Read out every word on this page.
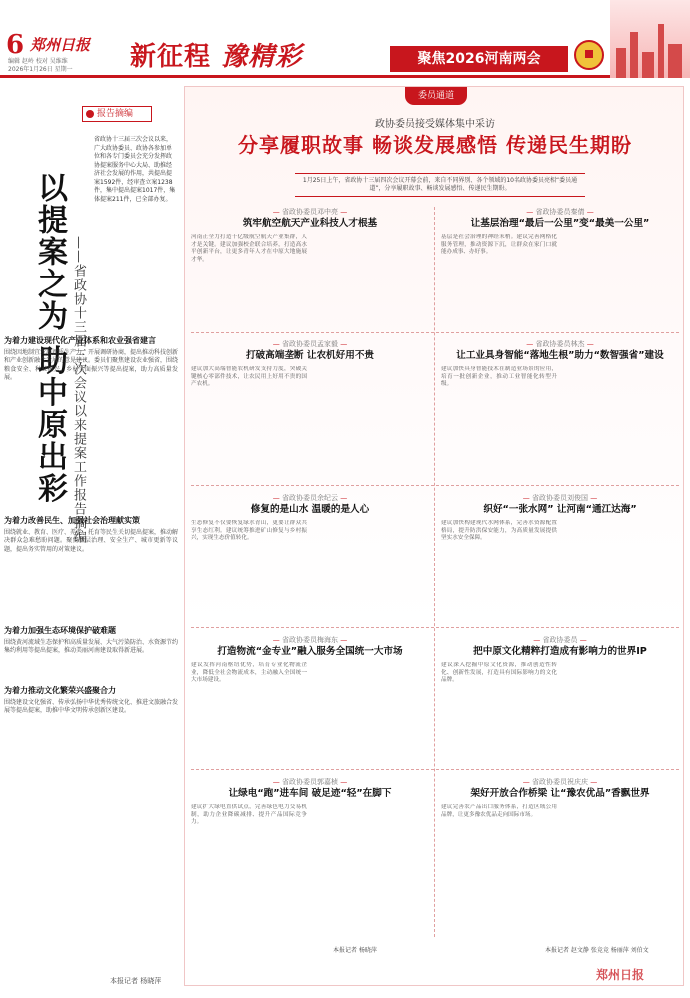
6 郑州日报
编辑 赵岭 校对 吴维维
2026年1月26日 星期一 新征程 豫精彩	聚焦2026河南两会
报告摘编
以提案之为 助中原出彩 ——省政协十三届三次会议以来提案工作报告摘编

省政协十三届三次会议以来，广大政协委员、政协各参加单位和各专门委员会充分发挥政协提案服务中心大局、助推经济社会发展的作用，共提出提案1592件，经审查立案1238件，集中提出提案1017件，集体提案211件，已全部办复。

为着力建设现代化产业体系和农业强省建言

围绕因地制宜发展新质生产力，开展调研协商，提出推动科技创新和产业创新融合发展的意见建议。委员们聚焦建设农业强省，围绕粮食安全、种业振兴、乡村全面振兴等提出提案，助力高质量发展。

为着力改善民生、加强社会治理献实策

围绕就业、教育、医疗、养老、托育等民生关切提出提案，推动解决群众急难愁盼问题。聚焦基层治理、安全生产、城市更新等议题，提出务实管用的对策建议。

为着力加强生态环境保护破难题

围绕黄河流域生态保护和高质量发展、大气污染防治、水资源节约集约利用等提出提案，推动美丽河南建设取得新进展。

为着力推动文化繁荣兴盛聚合力

围绕建设文化强省、传承弘扬中华优秀传统文化、推进文旅融合发展等提出提案，助推中华文明传承创新区建设。

本报记者 杨晓萍
委员通道
政协委员接受媒体集中采访
分享履职故事 畅谈发展感悟 传递民生期盼
1月25日上午，省政协十三届四次会议开幕会前，来自不同界别、各个领域的10名政协委员亮相“委员通道”，分享履职故事、畅谈发展感悟、传递民生期盼。
— 省政协委员邓中亮 —
筑牢航空航天产业科技人才根基

河南正全力打造千亿级航空航天产业集群，人才是关键。建议加强校企联合培养，打造高水平创新平台，让更多青年人才在中原大地施展才华。

— 省政协委员秦倩 —
让基层治理“最后一公里”变“最美一公里”

基层是社会治理的神经末梢。建议完善网格化服务管理，推动资源下沉，让群众在家门口就能办成事、办好事。

— 省政协委员孟家毅 —
打破高端垄断 让农机好用不贵

建议加大高端智能农机研发支持力度，突破关键核心零部件技术，让农民用上好用不贵的国产农机。

— 省政协委员林杰 —
让工业具身智能“落地生根”助力“数智强省”建设

建议加快具身智能技术在制造业场景的应用，培育一批创新企业，推动工业智能化转型升级。

— 省政协委员余纪云 —
修复的是山水 温暖的是人心

生态修复不仅要恢复绿水青山，更要让群众共享生态红利。建议统筹推进矿山修复与乡村振兴，实现生态价值转化。

— 省政协委员刘俊国 —
织好“一张水网” 让河南“通江达海”

建议加快构建现代水网体系，完善水资源配置格局，提升防洪保安能力，为高质量发展提供坚实水安全保障。

— 省政协委员梅海东 —
打造物流“金专业”融入服务全国统一大市场

建议发挥河南枢纽优势，培育专业化物流企业，降低全社会物流成本，主动融入全国统一大市场建设。

— 省政协委员 —
把中原文化精粹打造成有影响力的世界IP

建议深入挖掘中原文化资源，推动创造性转化、创新性发展，打造具有国际影响力的文化品牌。

— 省政协委员郭嘉桢 —
让绿电“跑”进车间 破足迹“轻”在脚下

建议扩大绿电直供试点，完善绿色电力交易机制，助力企业降碳减排、提升产品国际竞争力。

— 省政协委员祝庆庆 —
架好开放合作桥梁 让“豫农优品”香飘世界

建议完善农产品出口服务体系，打造区域公用品牌，让更多豫农优品走向国际市场。

本报记者 杨晓萍	本报记者 赵文静 张竞竞 杨丽萍 刘伯文
郑州日报
